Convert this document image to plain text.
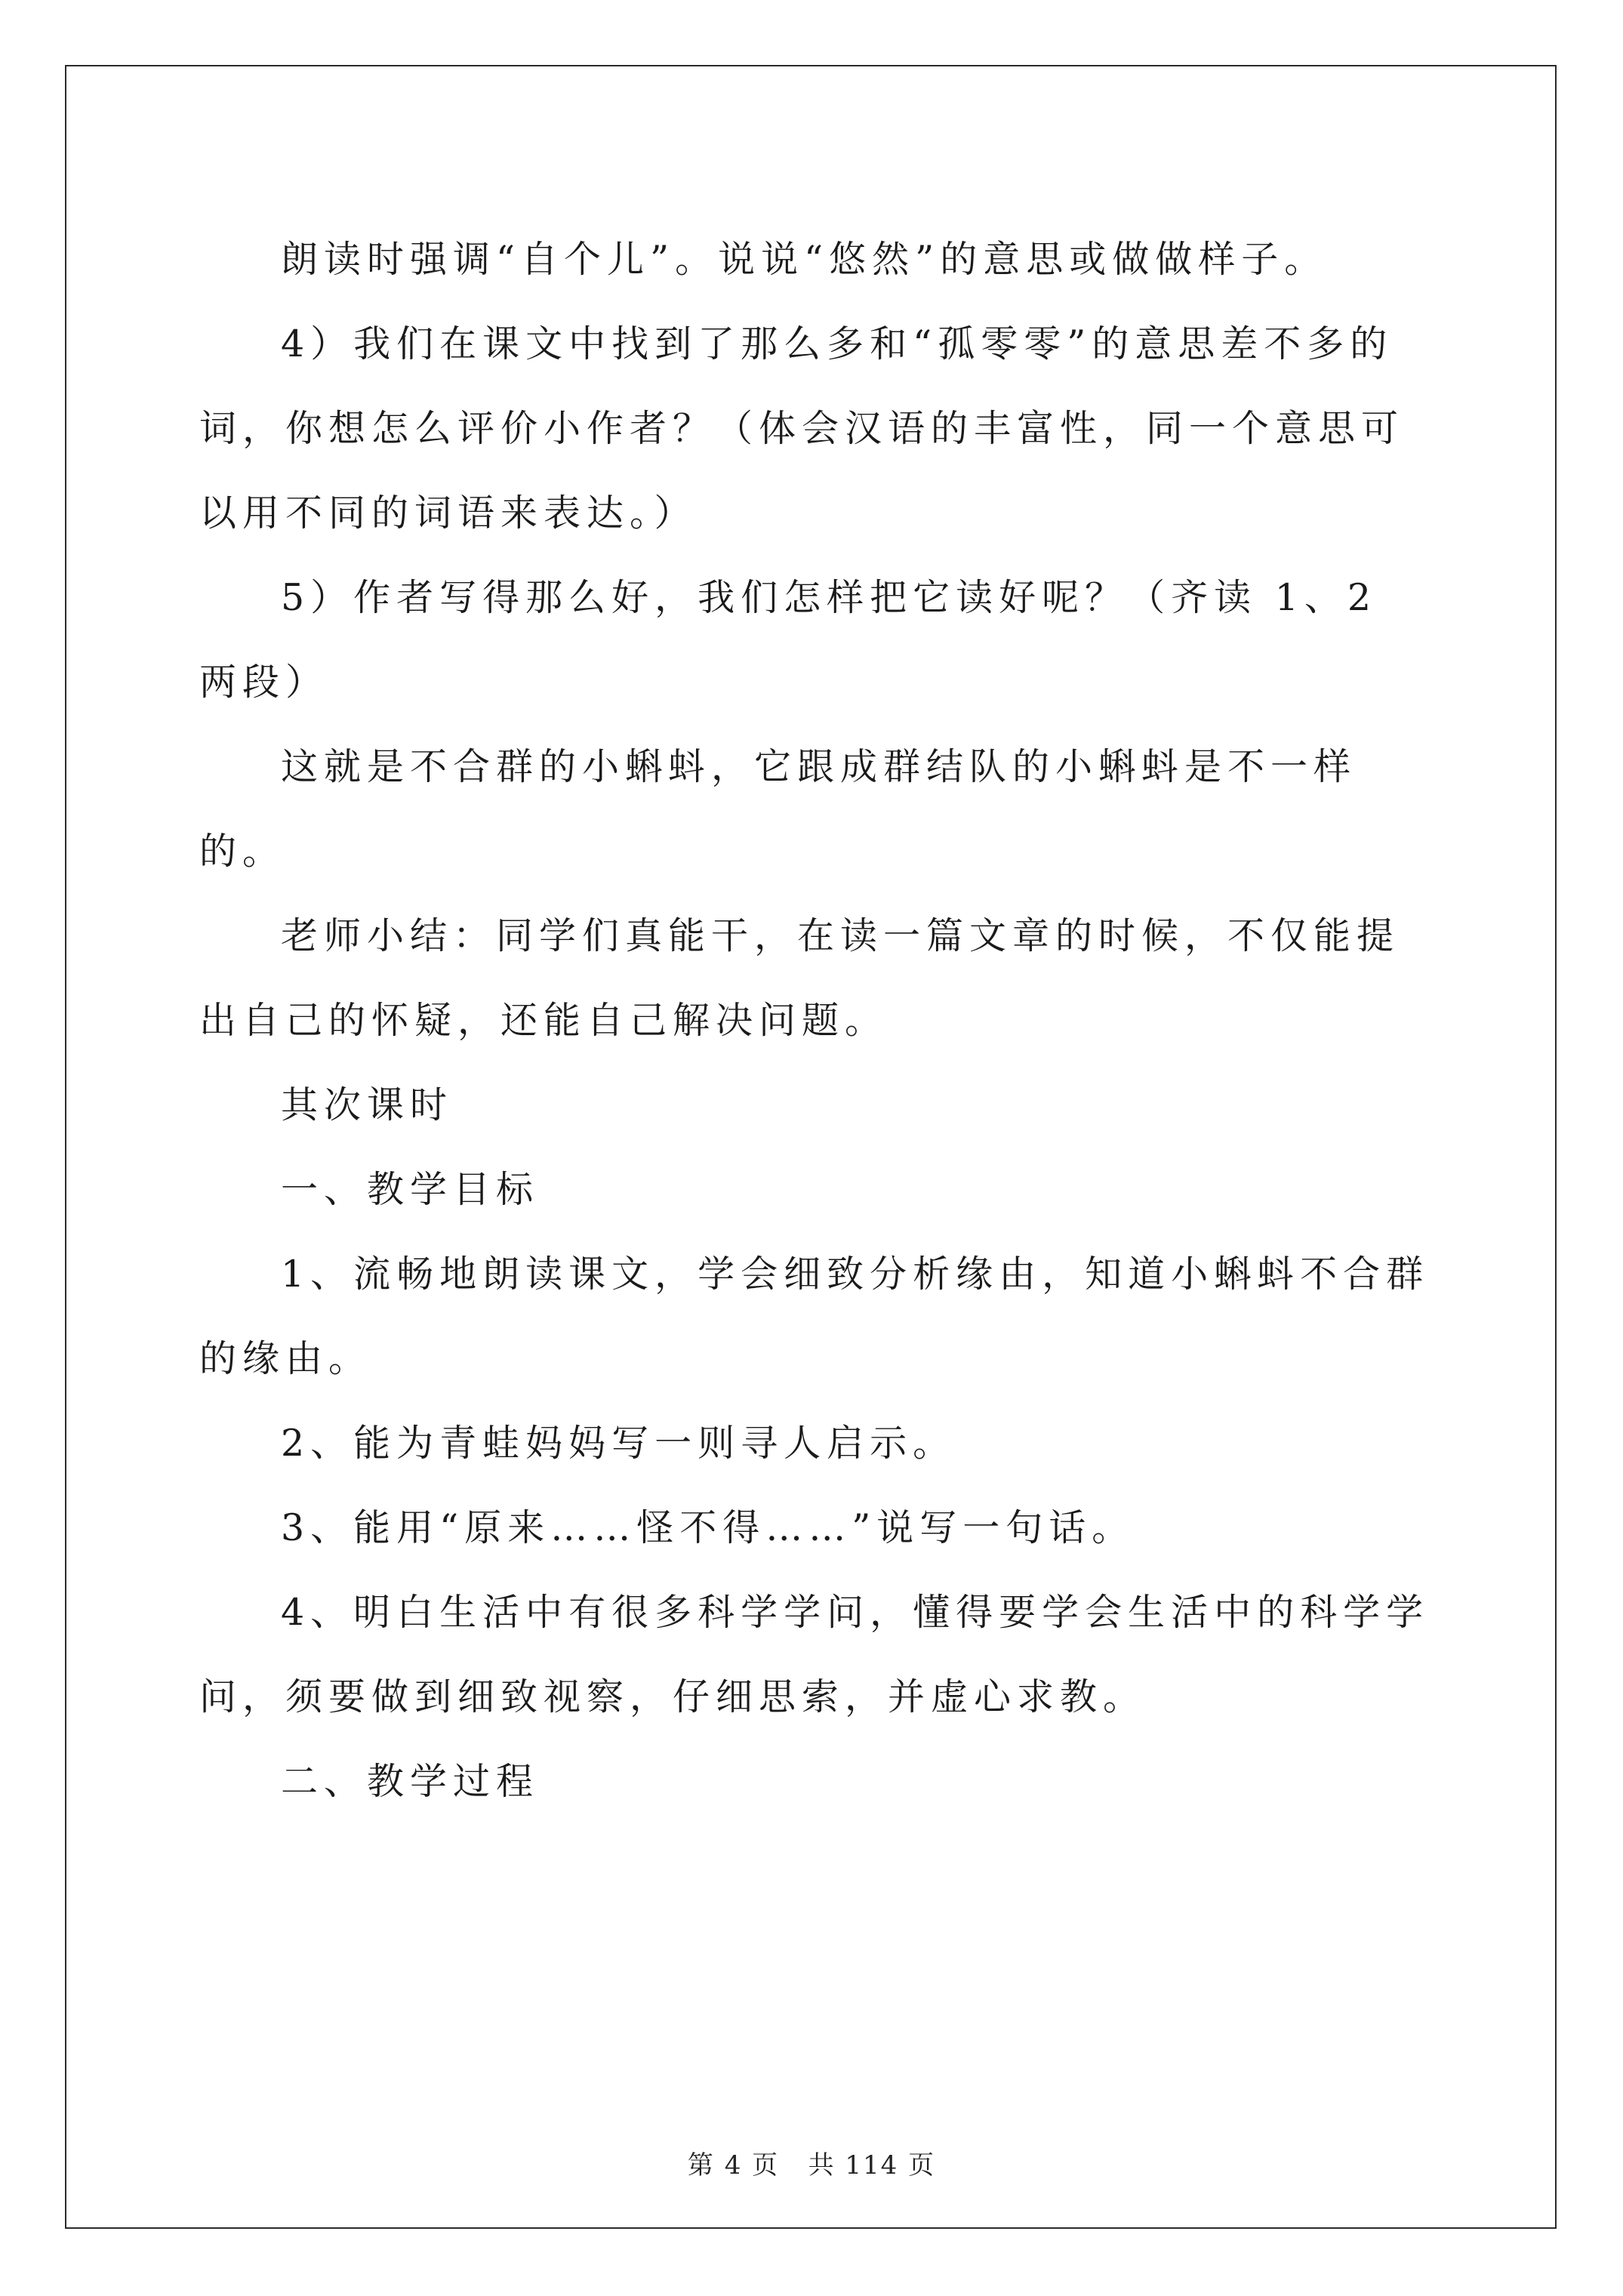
朗读时强调“自个儿”。说说“悠然”的意思或做做样子。

4）我们在课文中找到了那么多和“孤零零”的意思差不多的词，你想怎么评价小作者？（体会汉语的丰富性，同一个意思可以用不同的词语来表达。）

5）作者写得那么好，我们怎样把它读好呢？（齐读 1、2 两段）

这就是不合群的小蝌蚪，它跟成群结队的小蝌蚪是不一样的。

老师小结：同学们真能干，在读一篇文章的时候，不仅能提出自己的怀疑，还能自己解决问题。

其次课时

一、教学目标

1、流畅地朗读课文，学会细致分析缘由，知道小蝌蚪不合群的缘由。

2、能为青蛙妈妈写一则寻人启示。

3、能用“原来……怪不得……”说写一句话。

4、明白生活中有很多科学学问，懂得要学会生活中的科学学问，须要做到细致视察，仔细思索，并虚心求教。

二、教学过程

第 4 页 共 114 页
